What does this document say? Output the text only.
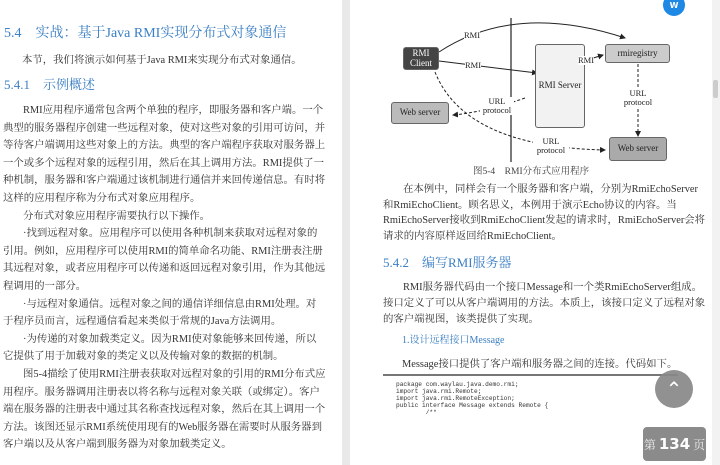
5.4　实战：基于Java RMI实现分布式对象通信
本节，我们将演示如何基于Java RMI来实现分布式对象通信。
5.4.1　示例概述
RMI应用程序通常包含两个单独的程序，即服务器和客户端。一个
典型的服务器程序创建一些远程对象，使对这些对象的引用可访问，并
等待客户端调用这些对象上的方法。典型的客户端程序获取对服务器上
一个或多个远程对象的远程引用，然后在其上调用方法。RMI提供了一
种机制，服务器和客户端通过该机制进行通信并来回传递信息。有时将
这样的应用程序称为分布式对象应用程序。
分布式对象应用程序需要执行以下操作。
·找到远程对象。应用程序可以使用各种机制来获取对远程对象的
引用。例如，应用程序可以使用RMI的简单命名功能、RMI注册表注册
其远程对象，或者应用程序可以传递和返回远程对象引用，作为其他远
程调用的一部分。
·与远程对象通信。远程对象之间的通信详细信息由RMI处理。对
于程序员而言，远程通信看起来类似于常规的Java方法调用。
·为传递的对象加载类定义。因为RMI使对象能够来回传递，所以
它提供了用于加载对象的类定义以及传输对象的数据的机制。
图5-4描绘了使用RMI注册表获取对远程对象的引用的RMI分布式应
用程序。服务器调用注册表以将名称与远程对象关联（或绑定）。客户
端在服务器的注册表中通过其名称查找远程对象，然后在其上调用一个
方法。该图还显示RMI系统使用现有的Web服务器在需要时从服务器到
客户端以及从客户端到服务器为对象加载类定义。
RMI Client
RMI Server
rmiregistry
Web server
Web server
RMI
RMI	RMI
URL protocol
URL protocol
URL protocol
图5-4　RMI分布式应用程序
在本例中，同样会有一个服务器和客户端，分别为RmiEchoServer
和RmiEchoClient。顾名思义，本例用于演示Echo协议的内容。当
RmiEchoServer接收到RmiEchoClient发起的请求时，RmiEchoServer会将
请求的内容原样返回给RmiEchoClient。
5.4.2　编写RMI服务器
RMI服务器代码由一个接口Message和一个类RmiEchoServer组成。
接口定义了可以从客户端调用的方法。本质上，该接口定义了远程对象
的客户端视图，该类提供了实现。
1.设计远程接口Message
Message接口提供了客户端和服务器之间的连接。代码如下。
package com.waylau.java.demo.rmi;
import java.rmi.Remote;
import java.rmi.RemoteException;
public interface Message extends Remote {
/**
W
⌃
第 134 页
